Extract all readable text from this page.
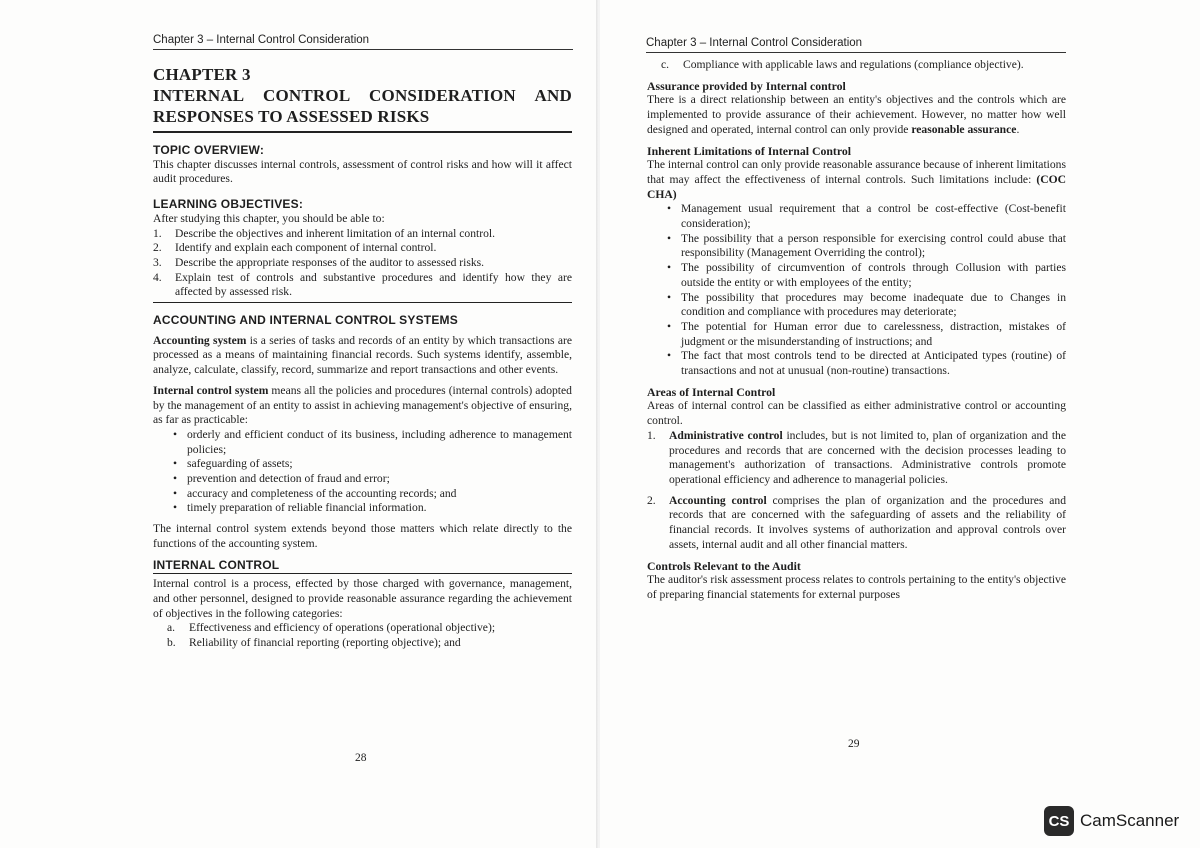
Chapter 3 – Internal Control Consideration
CHAPTER 3
INTERNAL CONTROL CONSIDERATION AND
RESPONSES TO ASSESSED RISKS
TOPIC OVERVIEW:

This chapter discusses internal controls, assessment of control risks and how will it affect audit procedures.

LEARNING OBJECTIVES:

After studying this chapter, you should be able to:

1. Describe the objectives and inherent limitation of an internal control.
2. Identify and explain each component of internal control.
3. Describe the appropriate responses of the auditor to assessed risks.
4. Explain test of controls and substantive procedures and identify how they are affected by assessed risk.
ACCOUNTING AND INTERNAL CONTROL SYSTEMS

Accounting system is a series of tasks and records of an entity by which transactions are processed as a means of maintaining financial records. Such systems identify, assemble, analyze, calculate, classify, record, summarize and report transactions and other events.

Internal control system means all the policies and procedures (internal controls) adopted by the management of an entity to assist in achieving management's objective of ensuring, as far as practicable:

• orderly and efficient conduct of its business, including adherence to management policies;
• safeguarding of assets;
• prevention and detection of fraud and error;
• accuracy and completeness of the accounting records; and
• timely preparation of reliable financial information.

The internal control system extends beyond those matters which relate directly to the functions of the accounting system.

INTERNAL CONTROL

Internal control is a process, effected by those charged with governance, management, and other personnel, designed to provide reasonable assurance regarding the achievement of objectives in the following categories:

a. Effectiveness and efficiency of operations (operational objective);
b. Reliability of financial reporting (reporting objective); and
28
Chapter 3 – Internal Control Consideration
c. Compliance with applicable laws and regulations (compliance objective).
Assurance provided by Internal control

There is a direct relationship between an entity's objectives and the controls which are implemented to provide assurance of their achievement. However, no matter how well designed and operated, internal control can only provide reasonable assurance.

Inherent Limitations of Internal Control

The internal control can only provide reasonable assurance because of inherent limitations that may affect the effectiveness of internal controls. Such limitations include: (COC CHA)

• Management usual requirement that a control be cost-effective (Cost-benefit consideration);
• The possibility that a person responsible for exercising control could abuse that responsibility (Management Overriding the control);
• The possibility of circumvention of controls through Collusion with parties outside the entity or with employees of the entity;
• The possibility that procedures may become inadequate due to Changes in condition and compliance with procedures may deteriorate;
• The potential for Human error due to carelessness, distraction, mistakes of judgment or the misunderstanding of instructions; and
• The fact that most controls tend to be directed at Anticipated types (routine) of transactions and not at unusual (non-routine) transactions.
Areas of Internal Control

Areas of internal control can be classified as either administrative control or accounting control.

1. Administrative control includes, but is not limited to, plan of organization and the procedures and records that are concerned with the decision processes leading to management's authorization of transactions. Administrative controls promote operational efficiency and adherence to managerial policies.
2. Accounting control comprises the plan of organization and the procedures and records that are concerned with the safeguarding of assets and the reliability of financial records. It involves systems of authorization and approval controls over assets, internal audit and all other financial matters.
Controls Relevant to the Audit

The auditor's risk assessment process relates to controls pertaining to the entity's objective of preparing financial statements for external purposes

29
CS CamScanner
